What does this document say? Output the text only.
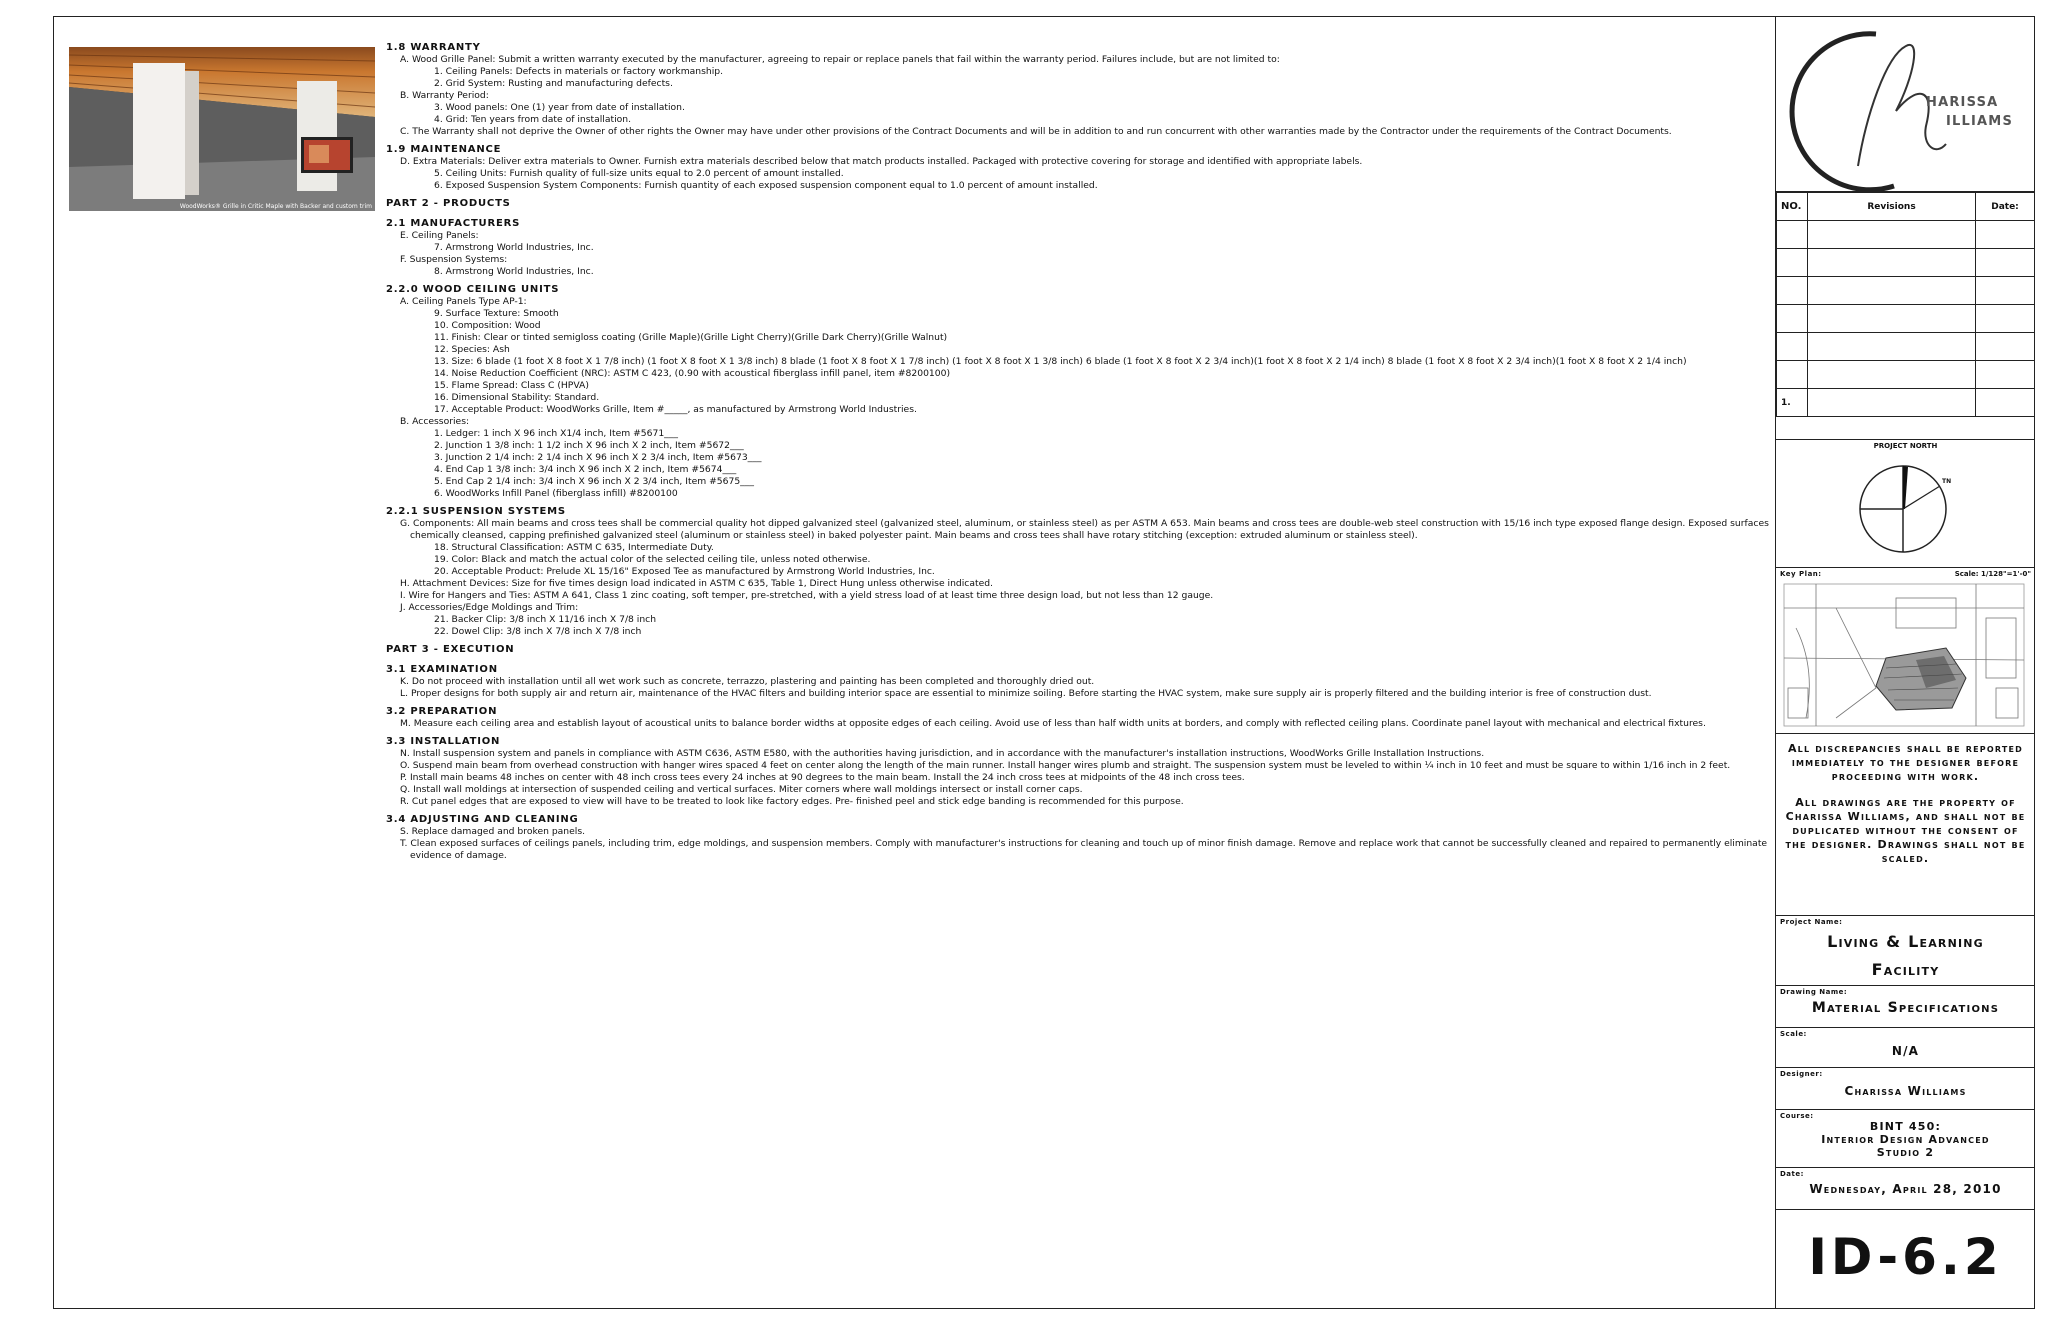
WoodWorks® Grille in Critic Maple with Backer and custom trim
1.8 WARRANTY
A. Wood Grille Panel: Submit a written warranty executed by the manufacturer, agreeing to repair or replace panels that fail within the warranty period. Failures include, but are not limited to:
1. Ceiling Panels: Defects in materials or factory workmanship.
2. Grid System: Rusting and manufacturing defects.
B. Warranty Period:
3. Wood panels: One (1) year from date of installation.
4. Grid: Ten years from date of installation.
C. The Warranty shall not deprive the Owner of other rights the Owner may have under other provisions of the Contract Documents and will be in addition to and run concurrent with other warranties made by the Contractor under the requirements of the Contract Documents.
1.9 MAINTENANCE
D. Extra Materials: Deliver extra materials to Owner. Furnish extra materials described below that match products installed. Packaged with protective covering for storage and identified with appropriate labels.
5. Ceiling Units: Furnish quality of full-size units equal to 2.0 percent of amount installed.
6. Exposed Suspension System Components: Furnish quantity of each exposed suspension component equal to 1.0 percent of amount installed.
PART 2 - PRODUCTS
2.1 MANUFACTURERS
E. Ceiling Panels:
7. Armstrong World Industries, Inc.
F. Suspension Systems:
8. Armstrong World Industries, Inc.
2.2.0 WOOD CEILING UNITS
A. Ceiling Panels Type AP-1:
9. Surface Texture: Smooth
10. Composition: Wood
11. Finish: Clear or tinted semigloss coating (Grille Maple)(Grille Light Cherry)(Grille Dark Cherry)(Grille Walnut)
12. Species: Ash
13. Size: 6 blade (1 foot X 8 foot X 1 7/8 inch) (1 foot X 8 foot X 1 3/8 inch) 8 blade (1 foot X 8 foot X 1 7/8 inch) (1 foot X 8 foot X 1 3/8 inch) 6 blade (1 foot X 8 foot X 2 3/4 inch)(1 foot X 8 foot X 2 1/4 inch) 8 blade (1 foot X 8 foot X 2 3/4 inch)(1 foot X 8 foot X 2 1/4 inch)
14. Noise Reduction Coefficient (NRC): ASTM C 423, (0.90 with acoustical fiberglass infill panel, item #8200100)
15. Flame Spread: Class C (HPVA)
16. Dimensional Stability: Standard.
17. Acceptable Product: WoodWorks Grille, Item #_____, as manufactured by Armstrong World Industries.
B. Accessories:
1. Ledger: 1 inch X 96 inch X1/4 inch, Item #5671___
2. Junction 1 3/8 inch: 1 1/2 inch X 96 inch X 2 inch, Item #5672___
3. Junction 2 1/4 inch: 2 1/4 inch X 96 inch X 2 3/4 inch, Item #5673___
4. End Cap 1 3/8 inch: 3/4 inch X 96 inch X 2 inch, Item #5674___
5. End Cap 2 1/4 inch: 3/4 inch X 96 inch X 2 3/4 inch, Item #5675___
6. WoodWorks Infill Panel (fiberglass infill) #8200100
2.2.1 SUSPENSION SYSTEMS
G. Components: All main beams and cross tees shall be commercial quality hot dipped galvanized steel (galvanized steel, aluminum, or stainless steel) as per ASTM A 653. Main beams and cross tees are double-web steel construction with 15/16 inch type exposed flange design. Exposed surfaces chemically cleansed, capping prefinished galvanized steel (aluminum or stainless steel) in baked polyester paint. Main beams and cross tees shall have rotary stitching (exception: extruded aluminum or stainless steel).
18. Structural Classification: ASTM C 635, Intermediate Duty.
19. Color: Black and match the actual color of the selected ceiling tile, unless noted otherwise.
20. Acceptable Product: Prelude XL 15/16" Exposed Tee as manufactured by Armstrong World Industries, Inc.
H. Attachment Devices: Size for five times design load indicated in ASTM C 635, Table 1, Direct Hung unless otherwise indicated.
I. Wire for Hangers and Ties: ASTM A 641, Class 1 zinc coating, soft temper, pre-stretched, with a yield stress load of at least time three design load, but not less than 12 gauge.
J. Accessories/Edge Moldings and Trim:
21. Backer Clip: 3/8 inch X 11/16 inch X 7/8 inch
22. Dowel Clip: 3/8 inch X 7/8 inch X 7/8 inch
PART 3 - EXECUTION
3.1 EXAMINATION
K. Do not proceed with installation until all wet work such as concrete, terrazzo, plastering and painting has been completed and thoroughly dried out.
L. Proper designs for both supply air and return air, maintenance of the HVAC filters and building interior space are essential to minimize soiling. Before starting the HVAC system, make sure supply air is properly filtered and the building interior is free of construction dust.
3.2 PREPARATION
M. Measure each ceiling area and establish layout of acoustical units to balance border widths at opposite edges of each ceiling. Avoid use of less than half width units at borders, and comply with reflected ceiling plans. Coordinate panel layout with mechanical and electrical fixtures.
3.3 INSTALLATION
N. Install suspension system and panels in compliance with ASTM C636, ASTM E580, with the authorities having jurisdiction, and in accordance with the manufacturer's installation instructions, WoodWorks Grille Installation Instructions.
O. Suspend main beam from overhead construction with hanger wires spaced 4 feet on center along the length of the main runner. Install hanger wires plumb and straight. The suspension system must be leveled to within ¼ inch in 10 feet and must be square to within 1/16 inch in 2 feet.
P. Install main beams 48 inches on center with 48 inch cross tees every 24 inches at 90 degrees to the main beam. Install the 24 inch cross tees at midpoints of the 48 inch cross tees.
Q. Install wall moldings at intersection of suspended ceiling and vertical surfaces. Miter corners where wall moldings intersect or install corner caps.
R. Cut panel edges that are exposed to view will have to be treated to look like factory edges. Pre- finished peel and stick edge banding is recommended for this purpose.
3.4 ADJUSTING AND CLEANING
S. Replace damaged and broken panels.
T. Clean exposed surfaces of ceilings panels, including trim, edge moldings, and suspension members. Comply with manufacturer's instructions for cleaning and touch up of minor finish damage. Remove and replace work that cannot be successfully cleaned and repaired to permanently eliminate evidence of damage.
HARISSA
ILLIAMS
NO.	Revisions	Date:

1.		
PROJECT NORTH
TN
Key Plan:	Scale: 1/128"=1'-0"
All discrepancies shall be reported immediately to the designer before proceeding with work.
All drawings are the property of Charissa Williams, and shall not be duplicated without the consent of the designer. Drawings shall not be scaled.
Project Name:
Living & Learning
Facility
Drawing Name:
Material Specifications
Scale:
N/A
Designer:
Charissa Williams
Course:
BINT 450:
Interior Design Advanced
Studio 2
Date:
Wednesday, April 28, 2010
ID-6.2
